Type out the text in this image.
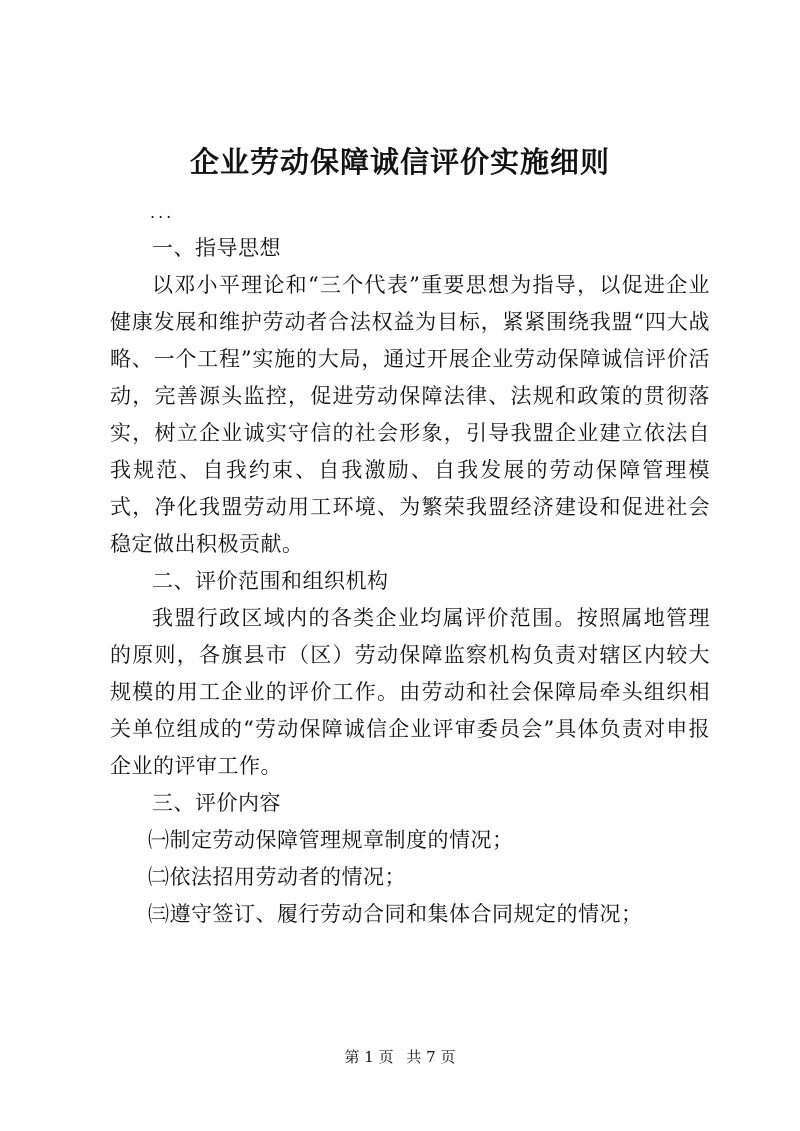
企业劳动保障诚信评价实施细则
...

一、指导思想

以邓小平理论和“三个代表”重要思想为指导，以促进企业健康发展和维护劳动者合法权益为目标，紧紧围绕我盟“四大战略、一个工程”实施的大局，通过开展企业劳动保障诚信评价活动，完善源头监控，促进劳动保障法律、法规和政策的贯彻落实，树立企业诚实守信的社会形象，引导我盟企业建立依法自我规范、自我约束、自我激励、自我发展的劳动保障管理模式，净化我盟劳动用工环境、为繁荣我盟经济建设和促进社会稳定做出积极贡献。

二、评价范围和组织机构

我盟行政区域内的各类企业均属评价范围。按照属地管理的原则，各旗县市（区）劳动保障监察机构负责对辖区内较大规模的用工企业的评价工作。由劳动和社会保障局牵头组织相关单位组成的“劳动保障诚信企业评审委员会”具体负责对申报企业的评审工作。

三、评价内容

㈠制定劳动保障管理规章制度的情况；

㈡依法招用劳动者的情况；

㈢遵守签订、履行劳动合同和集体合同规定的情况；

第 1 页 共 7 页
